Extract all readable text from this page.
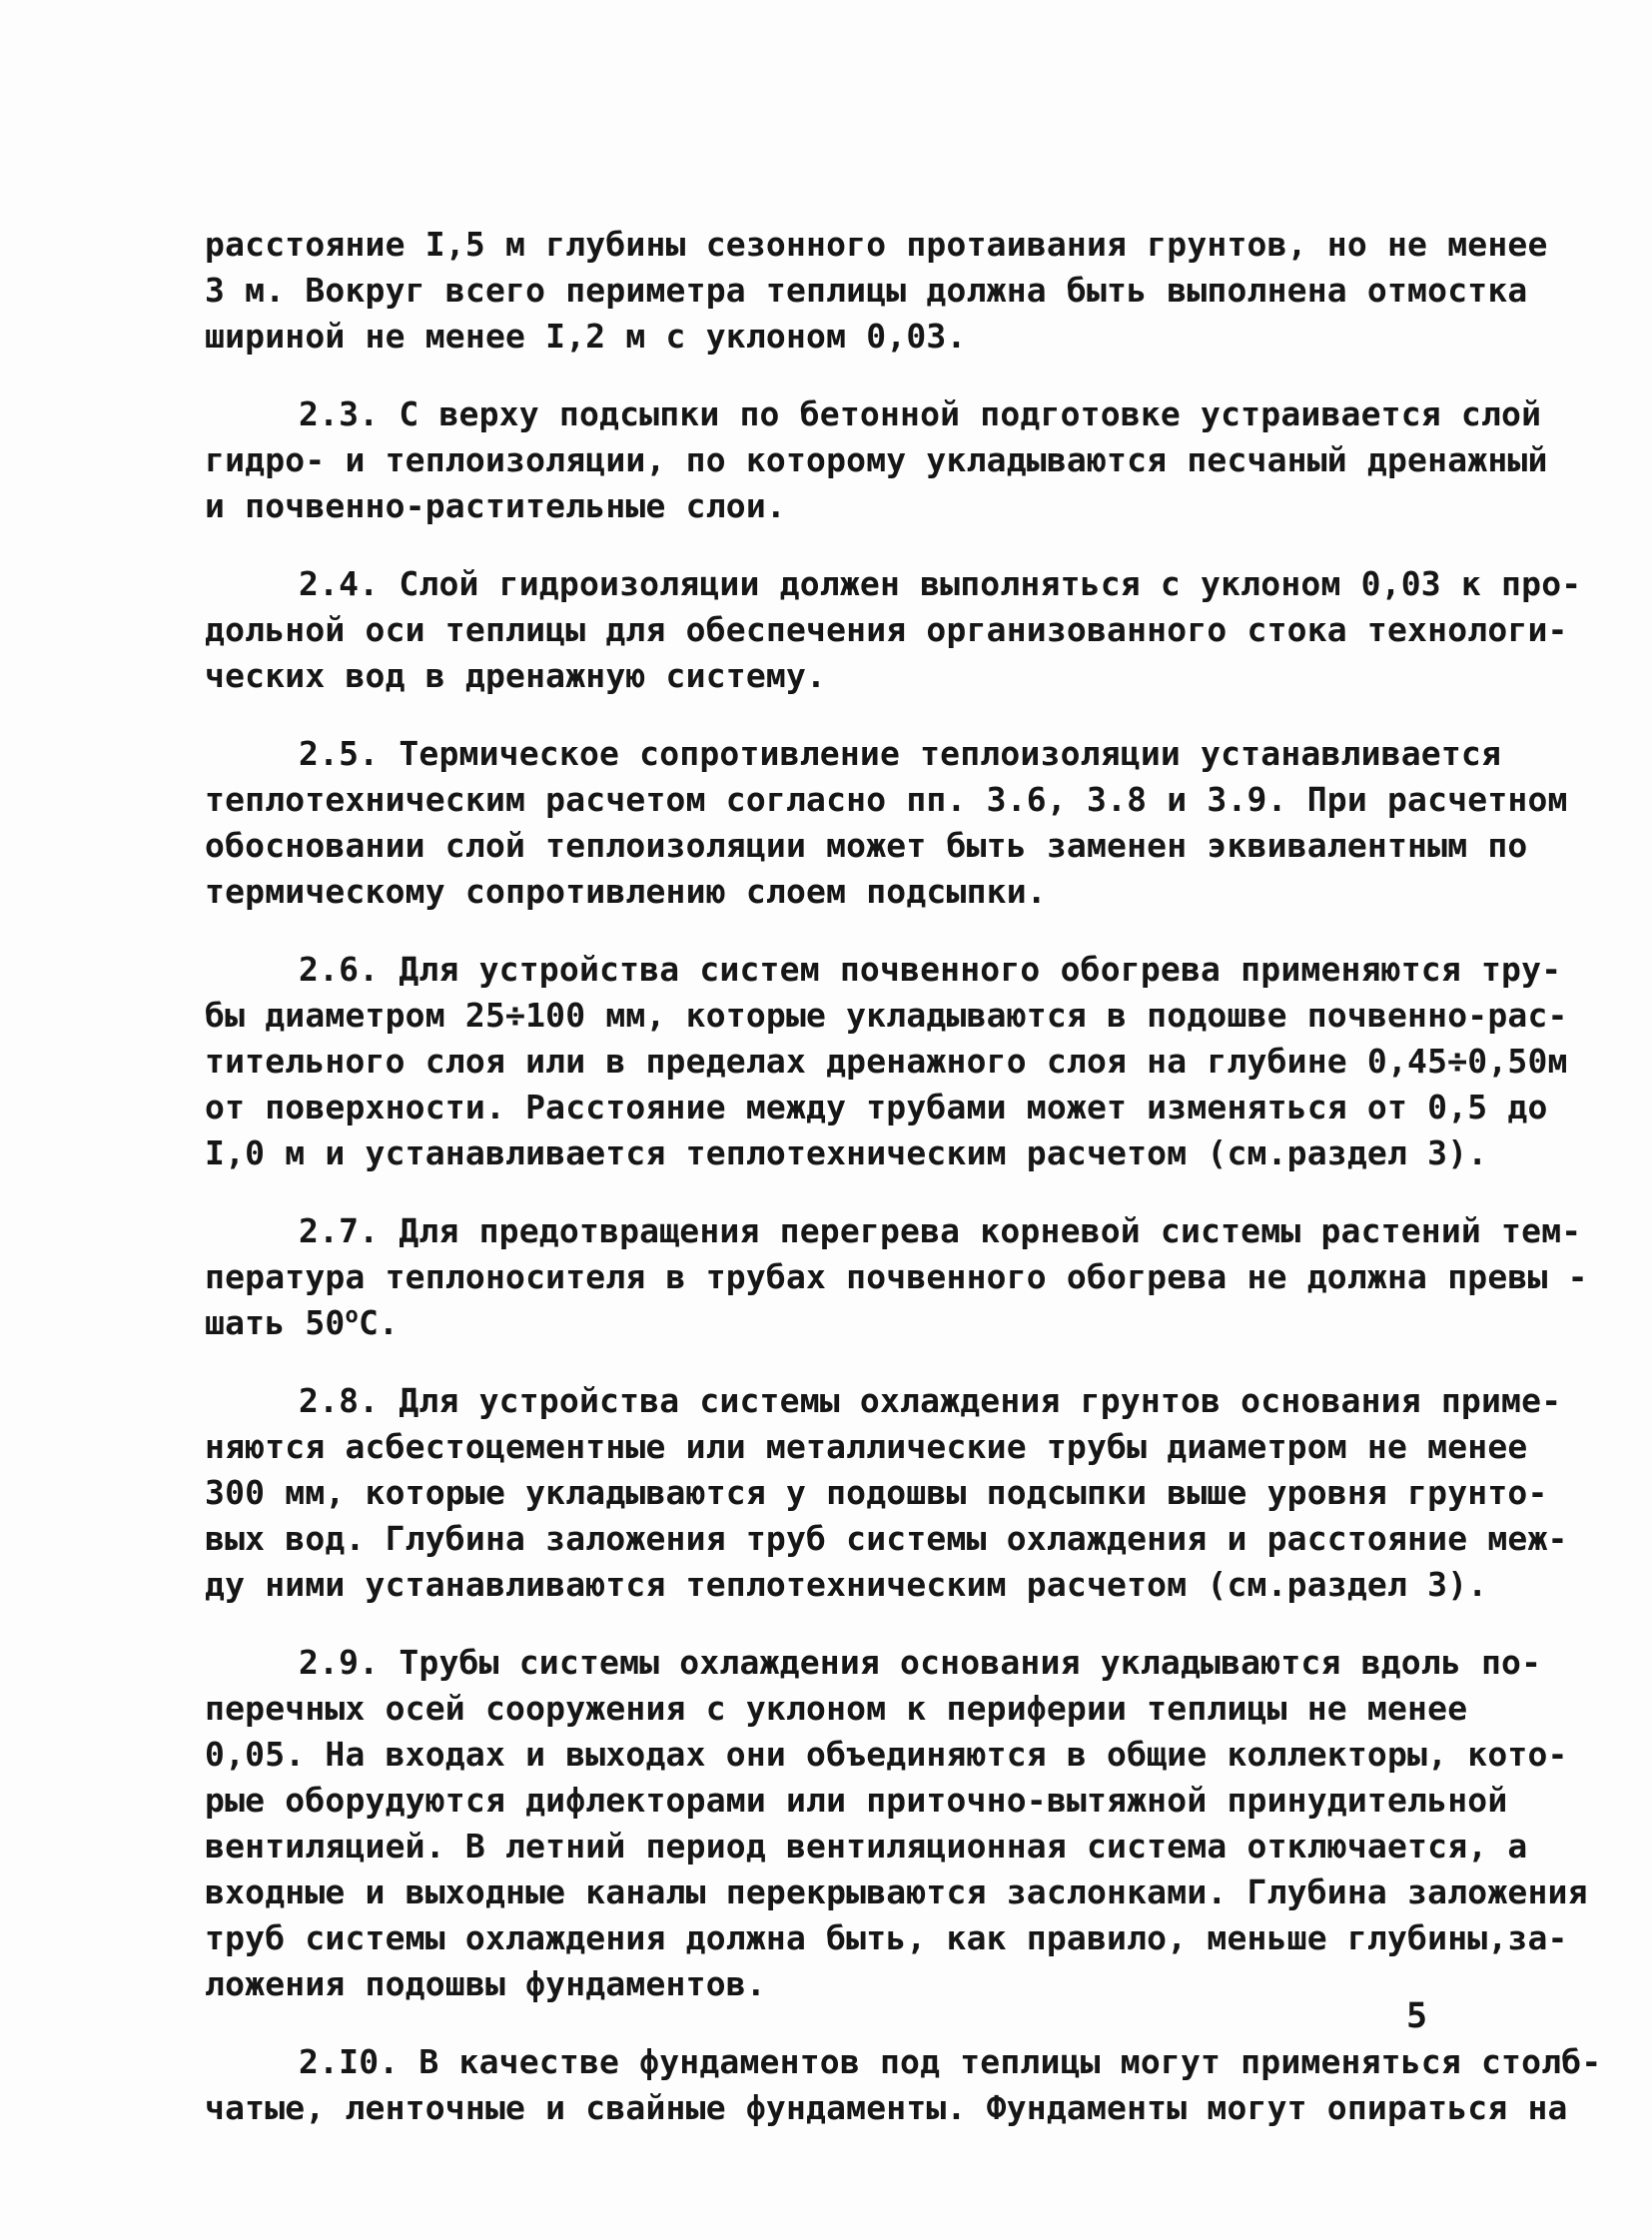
расстояние I,5 м глубины сезонного протаивания грунтов, но не менее
3 м. Вокруг всего периметра теплицы должна быть выполнена отмостка
шириной не менее I,2 м с уклоном 0,03.
2.3. С верху подсыпки по бетонной подготовке устраивается слой
гидро- и теплоизоляции, по которому укладываются песчаный дренажный
и почвенно-растительные слои.
2.4. Слой гидроизоляции должен выполняться с уклоном 0,03 к про-
дольной оси теплицы для обеспечения организованного стока технологи-
ческих вод в дренажную систему.
2.5. Термическое сопротивление теплоизоляции устанавливается
теплотехническим расчетом согласно пп. 3.6, 3.8 и 3.9. При расчетном
обосновании слой теплоизоляции может быть заменен эквивалентным по
термическому сопротивлению слоем подсыпки.
2.6. Для устройства систем почвенного обогрева применяются тру-
бы диаметром 25÷100 мм, которые укладываются в подошве почвенно-рас-
тительного слоя или в пределах дренажного слоя на глубине 0,45÷0,50м
от поверхности. Расстояние между трубами может изменяться от 0,5 до
I,0 м и устанавливается теплотехническим расчетом (см.раздел 3).
2.7. Для предотвращения перегрева корневой системы растений тем-
пература теплоносителя в трубах почвенного обогрева не должна превы -
шать $50^оС$.
2.8. Для устройства системы охлаждения грунтов основания приме-
няются асбестоцементные или металлические трубы диаметром не менее
300 мм, которые укладываются у подошвы подсыпки выше уровня грунто-
вых вод. Глубина заложения труб системы охлаждения и расстояние меж-
ду ними устанавливаются теплотехническим расчетом (см.раздел 3).
2.9. Трубы системы охлаждения основания укладываются вдоль по-
перечных осей сооружения с уклоном к периферии теплицы не менее
0,05. На входах и выходах они объединяются в общие коллекторы, кото-
рые оборудуются дифлекторами или приточно-вытяжной принудительной
вентиляцией. В летний период вентиляционная система отключается, а
входные и выходные каналы перекрываются заслонками. Глубина заложения
труб системы охлаждения должна быть, как правило, меньше глубины,за-
ложения подошвы фундаментов.
2.I0. В качестве фундаментов под теплицы могут применяться столб-
чатые, ленточные и свайные фундаменты. Фундаменты могут опираться на
5
